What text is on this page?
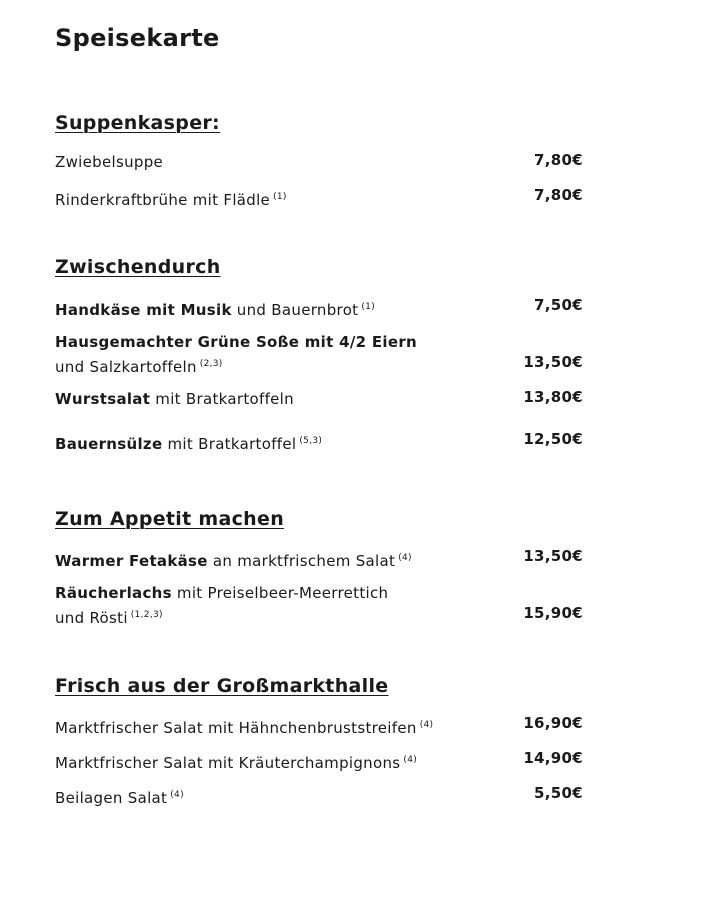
Speisekarte
Suppenkasper:
Zwiebelsuppe	7,80€
Rinderkraftbrühe mit Flädle $^{(1)}$	7,80€
Zwischendurch
Handkäse mit Musik und Bauernbrot $^{(1)}$	7,50€
Hausgemachter Grüne Soße mit 4/2 Eiern
und Salzkartoffeln $^{(2,3)}$	13,50€
Wurstsalat mit Bratkartoffeln	13,80€
Bauernsülze mit Bratkartoffel $^{(5,3)}$	12,50€
Zum Appetit machen
Warmer Fetakäse an marktfrischem Salat $^{(4)}$	13,50€
Räucherlachs mit Preiselbeer-Meerrettich
und Rösti $^{(1,2,3)}$	15,90€
Frisch aus der Großmarkthalle
Marktfrischer Salat mit Hähnchenbruststreifen $^{(4)}$	16,90€
Marktfrischer Salat mit Kräuterchampignons $^{(4)}$	14,90€
Beilagen Salat $^{(4)}$	5,50€
